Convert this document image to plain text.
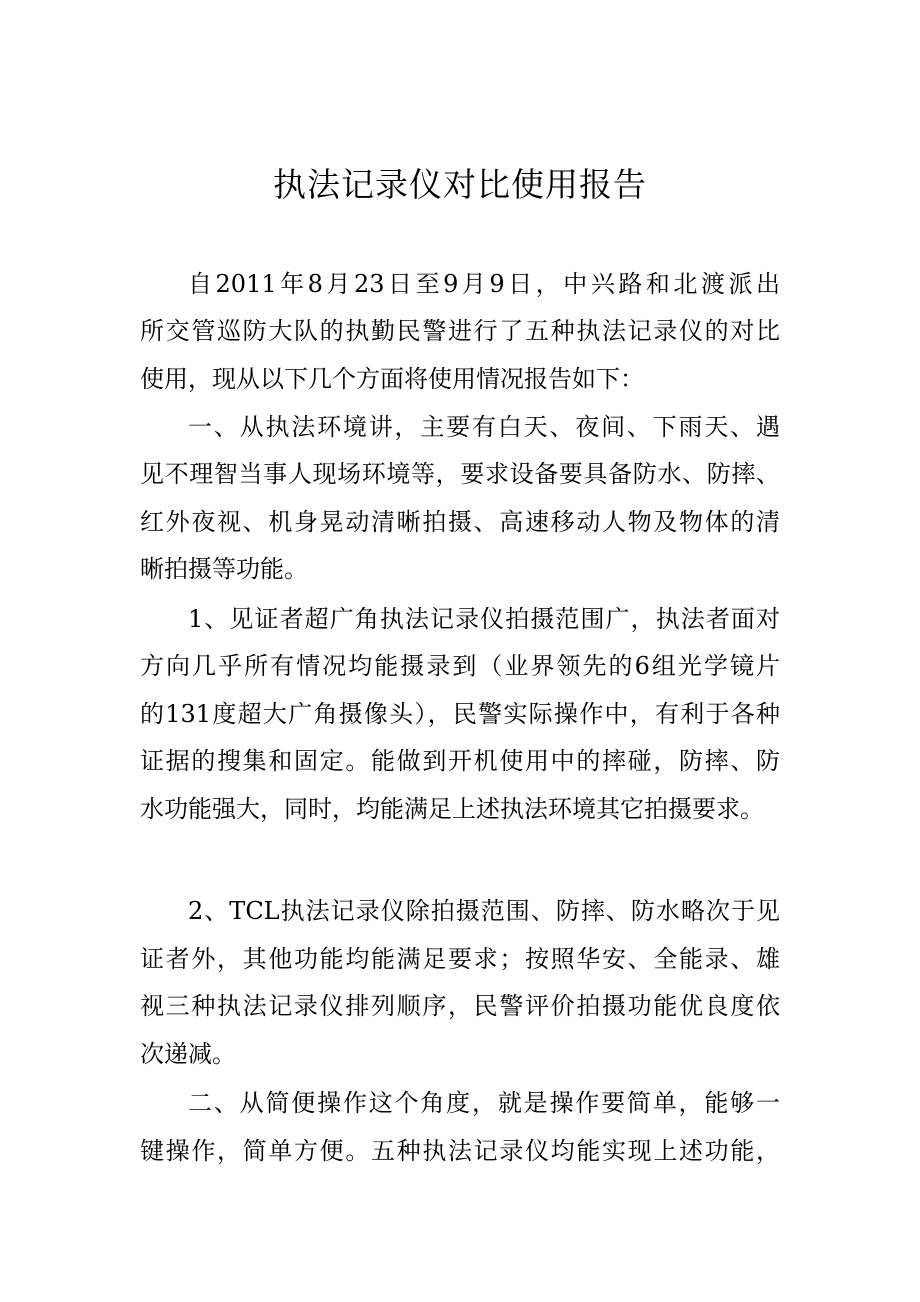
执法记录仪对比使用报告
自2011年8月23日至9月9日，中兴路和北渡派出
所交管巡防大队的执勤民警进行了五种执法记录仪的对比
使用，现从以下几个方面将使用情况报告如下：
一、从执法环境讲，主要有白天、夜间、下雨天、遇
见不理智当事人现场环境等，要求设备要具备防水、防摔、
红外夜视、机身晃动清晰拍摄、高速移动人物及物体的清
晰拍摄等功能。
1、见证者超广角执法记录仪拍摄范围广，执法者面对
方向几乎所有情况均能摄录到（业界领先的6组光学镜片
的131度超大广角摄像头），民警实际操作中，有利于各种
证据的搜集和固定。能做到开机使用中的摔碰，防摔、防
水功能强大，同时，均能满足上述执法环境其它拍摄要求。
2、TCL执法记录仪除拍摄范围、防摔、防水略次于见
证者外，其他功能均能满足要求；按照华安、全能录、雄
视三种执法记录仪排列顺序，民警评价拍摄功能优良度依
次递减。
二、从简便操作这个角度，就是操作要简单，能够一
键操作，简单方便。五种执法记录仪均能实现上述功能，
